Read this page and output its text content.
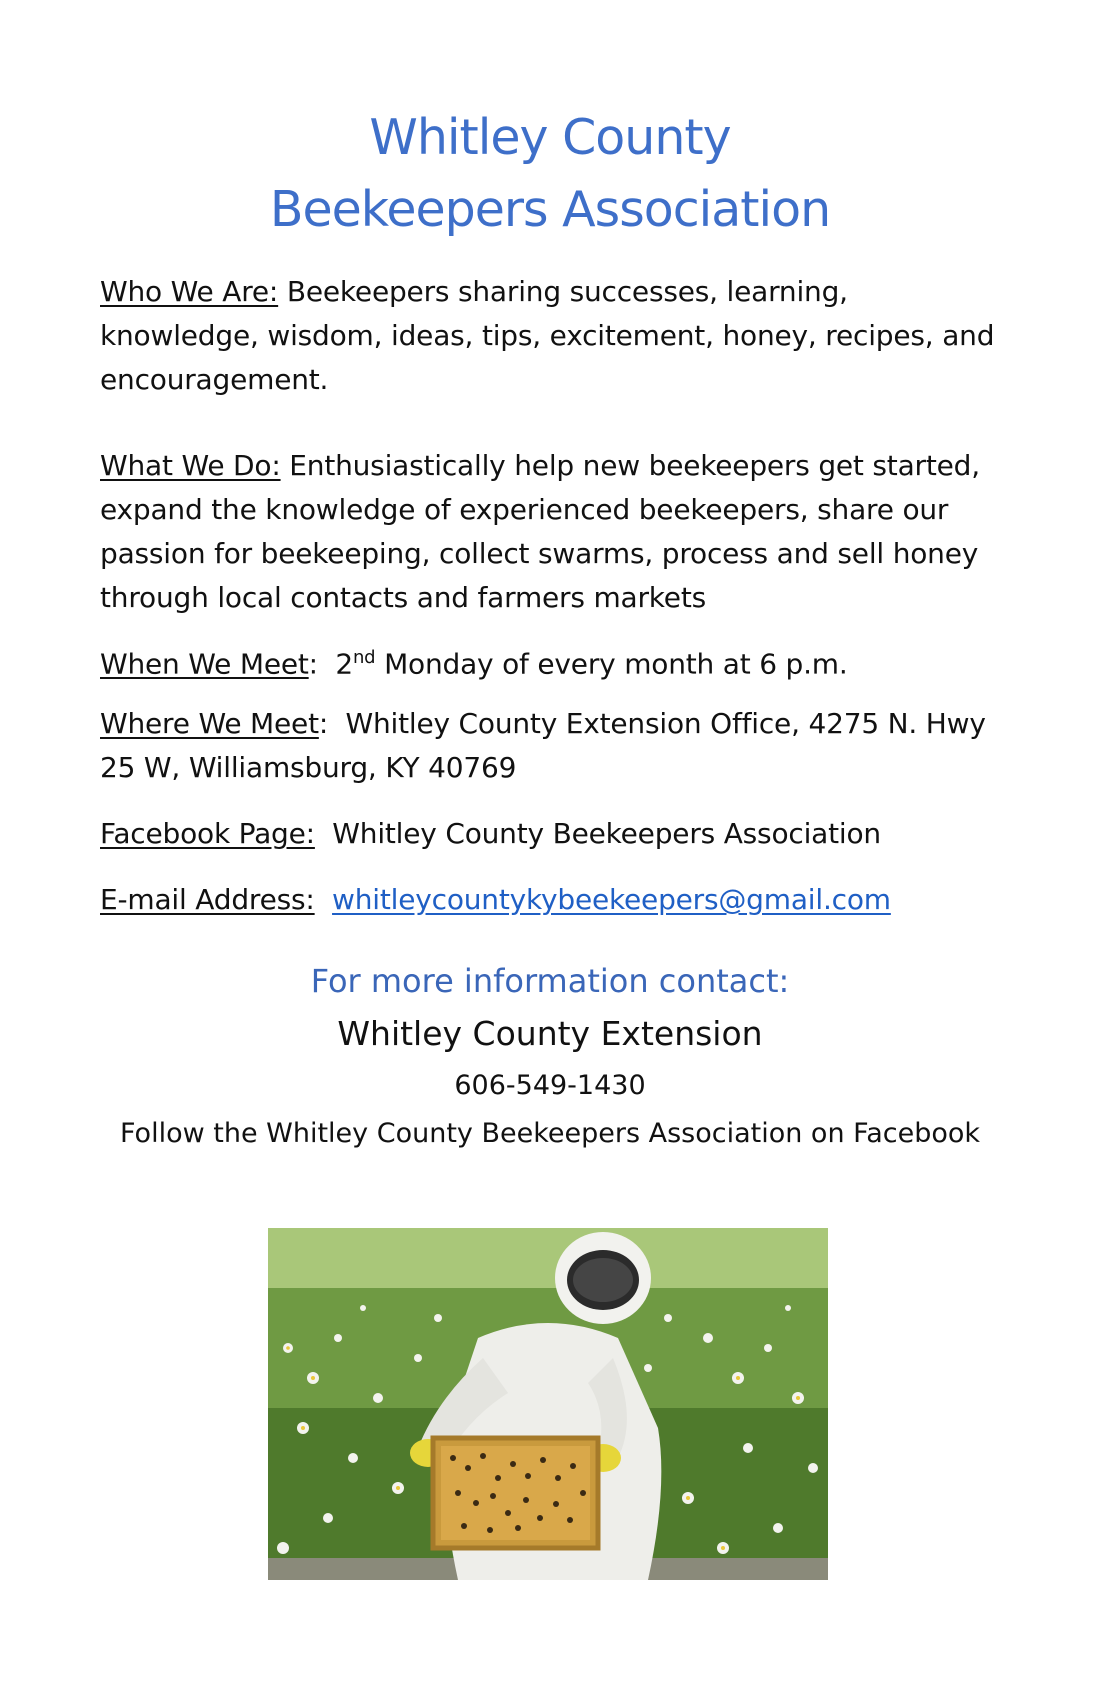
Whitley County
Beekeepers Association
Who We Are: Beekeepers sharing successes, learning, knowledge, wisdom, ideas, tips, excitement, honey, recipes, and encouragement.
What We Do: Enthusiastically help new beekeepers get started, expand the knowledge of experienced beekeepers, share our passion for beekeeping, collect swarms, process and sell honey through local contacts and farmers markets
When We Meet:  2nd Monday of every month at 6 p.m.
Where We Meet:  Whitley County Extension Office, 4275 N. Hwy 25 W, Williamsburg, KY 40769
Facebook Page:  Whitley County Beekeepers Association
E-mail Address: whitleycountykybeekeepers@gmail.com
For more information contact:
Whitley County Extension
606-549-1430
Follow the Whitley County Beekeepers Association on Facebook
